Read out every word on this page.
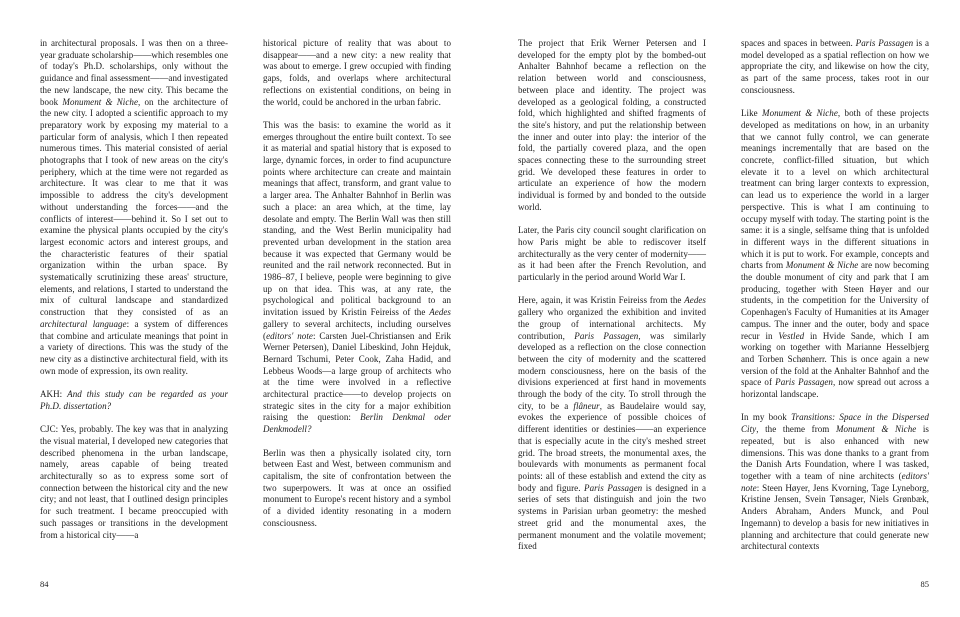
in architectural proposals. I was then on a three-year graduate scholarship——which resembles one of today's Ph.D. scholarships, only without the guidance and final assessment——and investigated the new landscape, the new city. This became the book Monument & Niche, on the architecture of the new city. I adopted a scientific approach to my preparatory work by exposing my material to a particular form of analysis, which I then repeated numerous times. This material consisted of aerial photographs that I took of new areas on the city's periphery, which at the time were not regarded as architecture. It was clear to me that it was impossible to address the city's development without understanding the forces——and the conflicts of interest——behind it. So I set out to examine the physical plants occupied by the city's largest economic actors and interest groups, and the characteristic features of their spatial organization within the urban space. By systematically scrutinizing these areas' structure, elements, and relations, I started to understand the mix of cultural landscape and standardized construction that they consisted of as an architectural language: a system of differences that combine and articulate meanings that point in a variety of directions. This was the study of the new city as a distinctive architectural field, with its own mode of expression, its own reality.

AKH: And this study can be regarded as your Ph.D. dissertation?

CJC: Yes, probably. The key was that in analyzing the visual material, I developed new categories that described phenomena in the urban landscape, namely, areas capable of being treated architecturally so as to express some sort of connection between the historical city and the new city; and not least, that I outlined design principles for such treatment. I became preoccupied with such passages or transitions in the development from a historical city——a

historical picture of reality that was about to disappear——and a new city: a new reality that was about to emerge. I grew occupied with finding gaps, folds, and overlaps where architectural reflections on existential conditions, on being in the world, could be anchored in the urban fabric.

This was the basis: to examine the world as it emerges throughout the entire built context. To see it as material and spatial history that is exposed to large, dynamic forces, in order to find acupuncture points where architecture can create and maintain meanings that affect, transform, and grant value to a larger area. The Anhalter Bahnhof in Berlin was such a place: an area which, at the time, lay desolate and empty. The Berlin Wall was then still standing, and the West Berlin municipality had prevented urban development in the station area because it was expected that Germany would be reunited and the rail network reconnected. But in 1986–87, I believe, people were beginning to give up on that idea. This was, at any rate, the psychological and political background to an invitation issued by Kristin Feireiss of the Aedes gallery to several architects, including ourselves (editors' note: Carsten Juel-Christiansen and Erik Werner Petersen), Daniel Libeskind, John Hejduk, Bernard Tschumi, Peter Cook, Zaha Hadid, and Lebbeus Woods—a large group of architects who at the time were involved in a reflective architectural practice——to develop projects on strategic sites in the city for a major exhibition raising the question: Berlin Denkmal oder Denkmodell?

Berlin was then a physically isolated city, torn between East and West, between communism and capitalism, the site of confrontation between the two superpowers. It was at once an ossified monument to Europe's recent history and a symbol of a divided identity resonating in a modern consciousness.

84

The project that Erik Werner Petersen and I developed for the empty plot by the bombed-out Anhalter Bahnhof became a reflection on the relation between world and consciousness, between place and identity. The project was developed as a geological folding, a constructed fold, which highlighted and shifted fragments of the site's history, and put the relationship between the inner and outer into play: the interior of the fold, the partially covered plaza, and the open spaces connecting these to the surrounding street grid. We developed these features in order to articulate an experience of how the modern individual is formed by and bonded to the outside world.

Later, the Paris city council sought clarification on how Paris might be able to rediscover itself architecturally as the very center of modernity——as it had been after the French Revolution, and particularly in the period around World War I.

Here, again, it was Kristin Feireiss from the Aedes gallery who organized the exhibition and invited the group of international architects. My contribution, Paris Passagen, was similarly developed as a reflection on the close connection between the city of modernity and the scattered modern consciousness, here on the basis of the divisions experienced at first hand in movements through the body of the city. To stroll through the city, to be a flâneur, as Baudelaire would say, evokes the experience of possible choices of different identities or destinies——an experience that is especially acute in the city's meshed street grid. The broad streets, the monumental axes, the boulevards with monuments as permanent focal points: all of these establish and extend the city as body and figure. Paris Passagen is designed in a series of sets that distinguish and join the two systems in Parisian urban geometry: the meshed street grid and the monumental axes, the permanent monument and the volatile movement; fixed

spaces and spaces in between. Paris Passagen is a model developed as a spatial reflection on how we appropriate the city, and likewise on how the city, as part of the same process, takes root in our consciousness.

Like Monument & Niche, both of these projects developed as meditations on how, in an urbanity that we cannot fully control, we can generate meanings incrementally that are based on the concrete, conflict-filled situation, but which elevate it to a level on which architectural treatment can bring larger contexts to expression, can lead us to experience the world in a larger perspective. This is what I am continuing to occupy myself with today. The starting point is the same: it is a single, selfsame thing that is unfolded in different ways in the different situations in which it is put to work. For example, concepts and charts from Monument & Niche are now becoming the double monument of city and park that I am producing, together with Steen Høyer and our students, in the competition for the University of Copenhagen's Faculty of Humanities at its Amager campus. The inner and the outer, body and space recur in Vestled in Hvide Sande, which I am working on together with Marianne Hesselbjerg and Torben Schønherr. This is once again a new version of the fold at the Anhalter Bahnhof and the space of Paris Passagen, now spread out across a horizontal landscape.

In my book Transitions: Space in the Dispersed City, the theme from Monument & Niche is repeated, but is also enhanced with new dimensions. This was done thanks to a grant from the Danish Arts Foundation, where I was tasked, together with a team of nine architects (editors' note: Steen Høyer, Jens Kvorning, Tage Lyneborg, Kristine Jensen, Svein Tønsager, Niels Grønbæk, Anders Abraham, Anders Munck, and Poul Ingemann) to develop a basis for new initiatives in planning and architecture that could generate new architectural contexts

85
